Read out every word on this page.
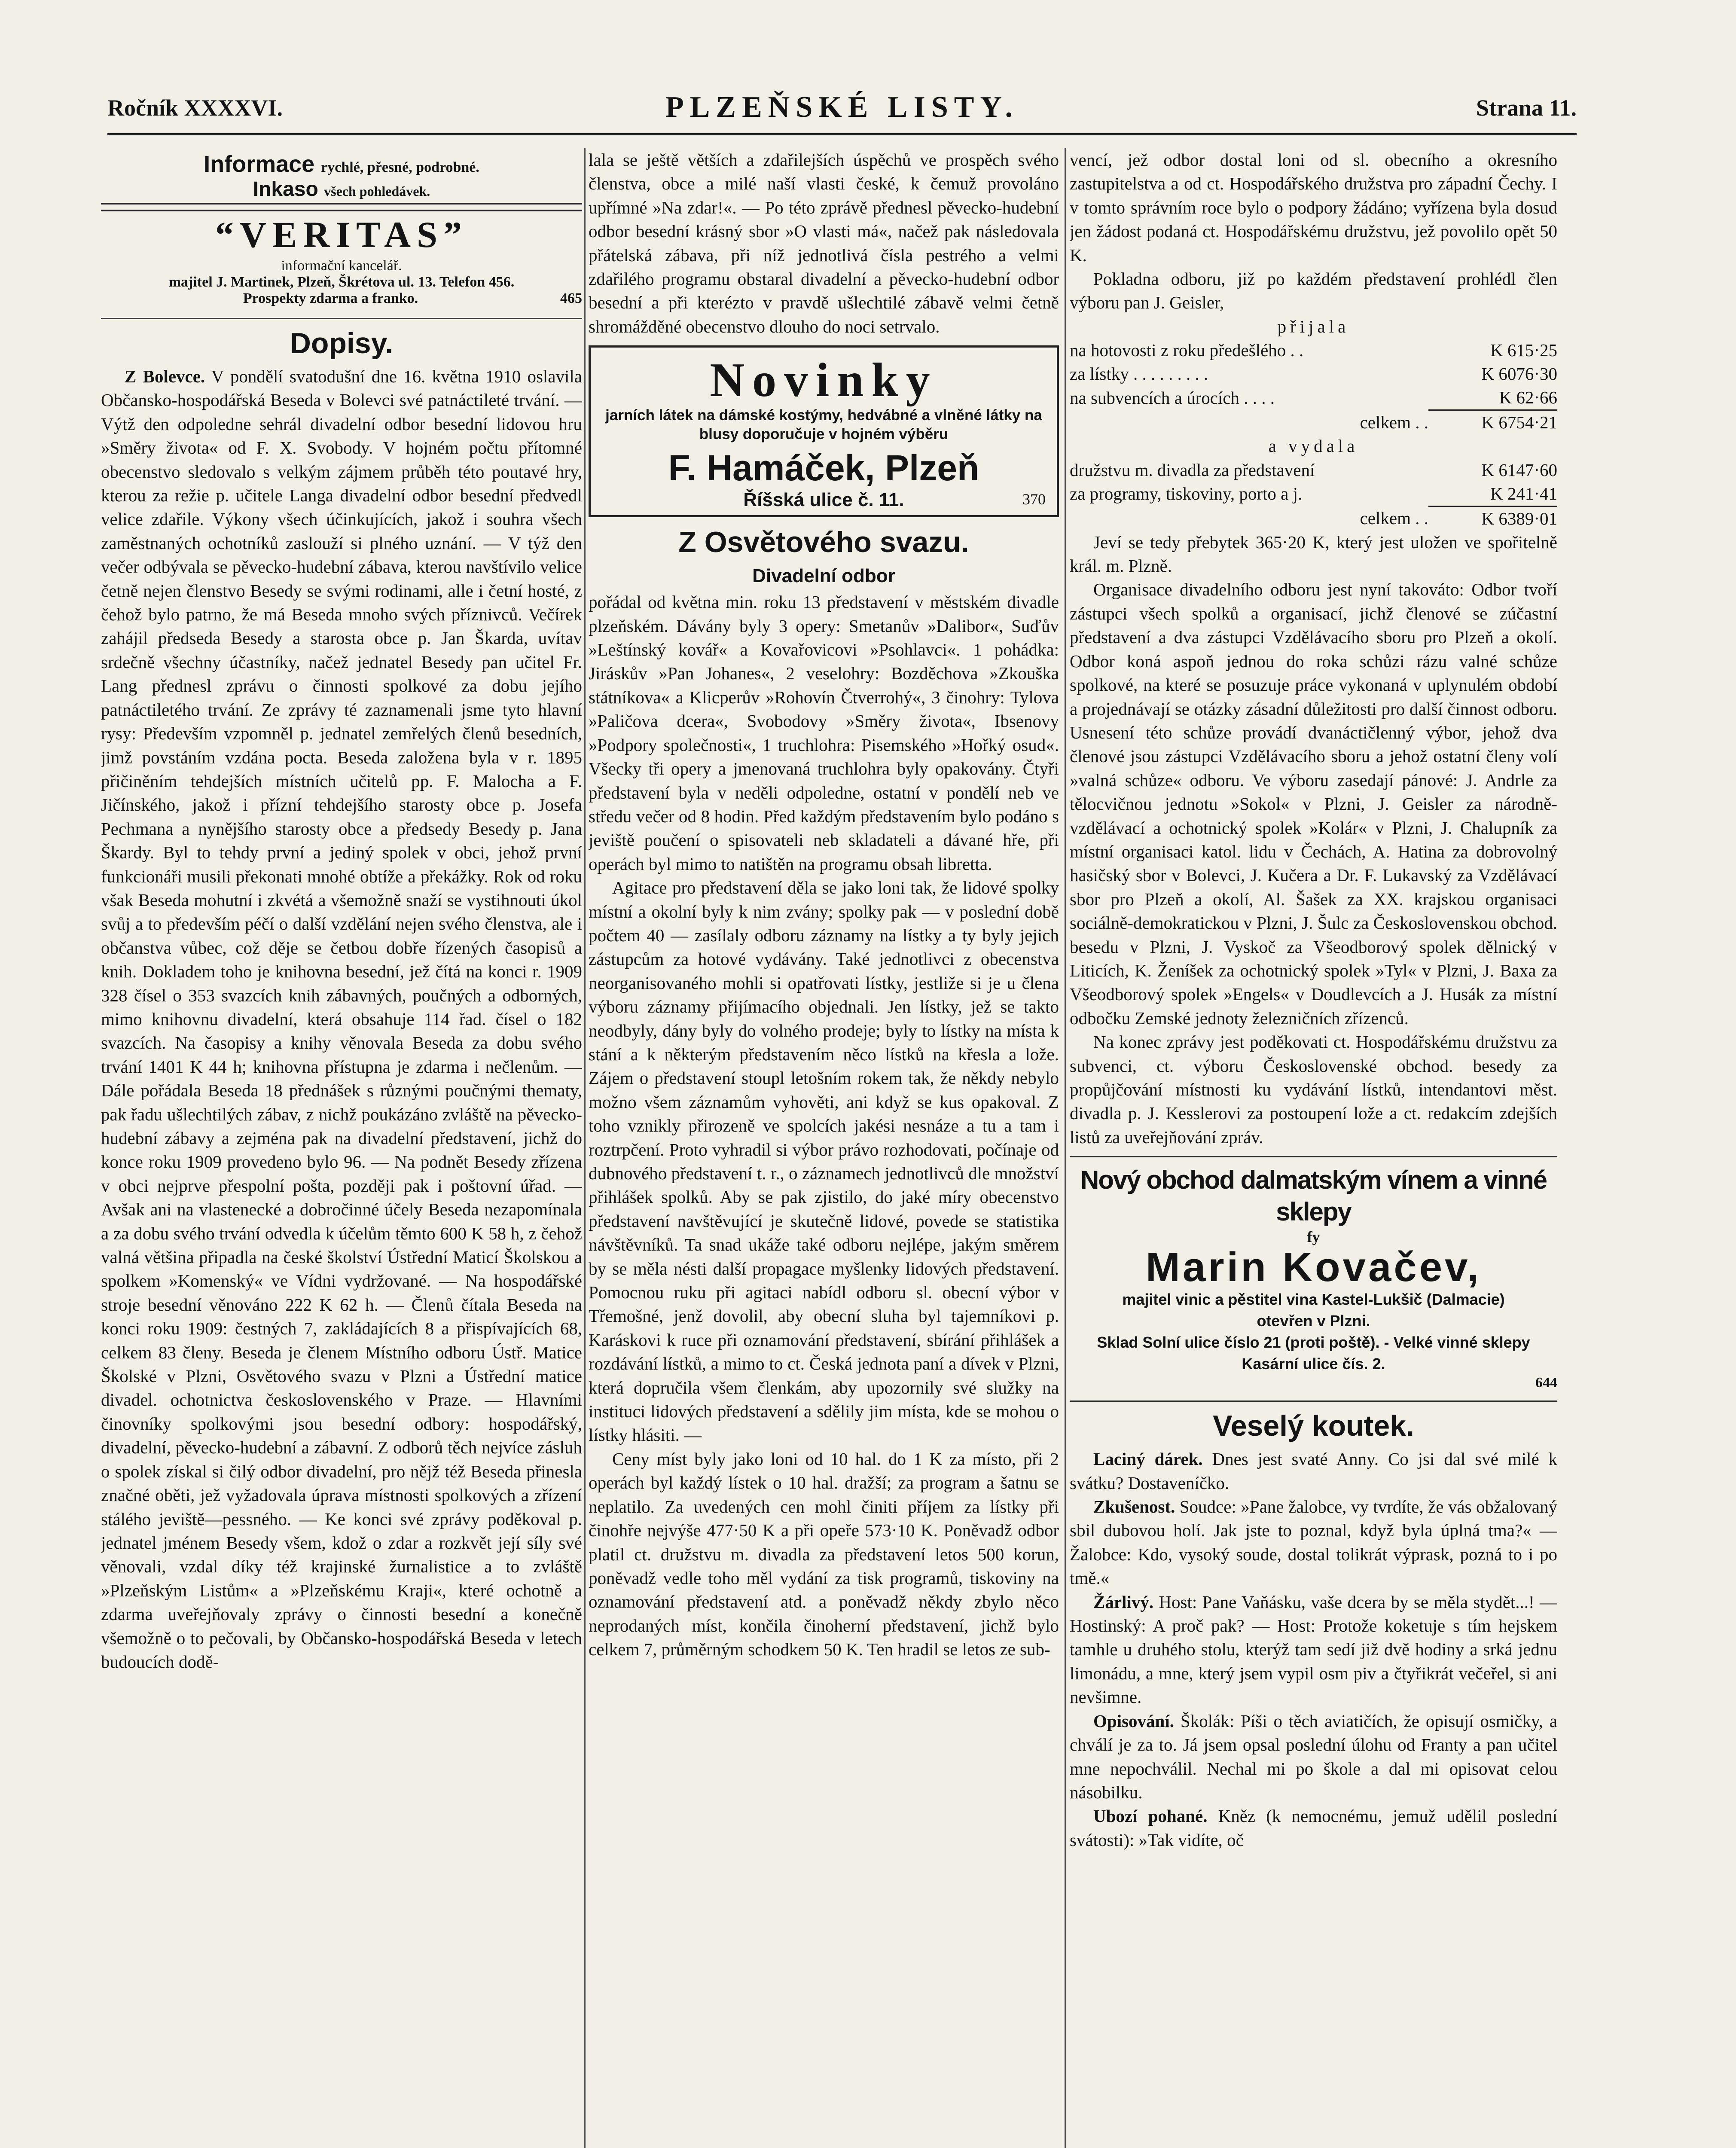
Ročník XXXXVI.	PLZEŇSKÉ LISTY.	Strana 11.
Informace rychlé, přesné, podrobné.
Inkaso všech pohledávek.
“VERITAS”
informační kancelář.
majitel J. Martinek, Plzeň, Škrétova ul. 13. Telefon 456.
Prospekty zdarma a franko.	465
Dopisy.

Z Bolevce. V pondělí svatodušní dne 16. května 1910 oslavila Občansko-hospodářská Beseda v Bolevci své patnáctileté trvání. — Výtž den odpoledne sehrál divadelní odbor besední lidovou hru »Směry života« od F. X. Svobody. V hojném počtu přítomné obecenstvo sledovalo s velkým zájmem průběh této poutavé hry, kterou za režie p. učitele Langa divadelní odbor besední předvedl velice zdařile. Výkony všech účinkujících, jakož i souhra všech zaměstnaných ochotníků zaslouží si plného uznání. — V týž den večer odbývala se pěvecko-hudební zábava, kterou navštívilo velice četně nejen členstvo Besedy se svými rodinami, alle i četní hosté, z čehož bylo patrno, že má Beseda mnoho svých příznivců. Večírek zahájil předseda Besedy a starosta obce p. Jan Škarda, uvítav srdečně všechny účastníky, načež jednatel Besedy pan učitel Fr. Lang přednesl zprávu o činnosti spolkové za dobu jejího patnáctiletého trvání. Ze zprávy té zaznamenali jsme tyto hlavní rysy: Především vzpomněl p. jednatel zemřelých členů besedních, jimž povstáním vzdána pocta. Beseda založena byla v r. 1895 přičiněním tehdejších místních učitelů pp. F. Malocha a F. Jičínského, jakož i přízní tehdejšího starosty obce p. Josefa Pechmana a nynějšího starosty obce a předsedy Besedy p. Jana Škardy. Byl to tehdy první a jediný spolek v obci, jehož první funkcionáři musili překonati mnohé obtíže a překážky. Rok od roku však Beseda mohutní i zkvétá a všemožně snaží se vystihnouti úkol svůj a to především péčí o další vzdělání nejen svého členstva, ale i občanstva vůbec, což děje se četbou dobře řízených časopisů a knih. Dokladem toho je knihovna besední, jež čítá na konci r. 1909 328 čísel o 353 svazcích knih zábavných, poučných a odborných, mimo knihovnu divadelní, která obsahuje 114 řad. čísel o 182 svazcích. Na časopisy a knihy věnovala Beseda za dobu svého trvání 1401 K 44 h; knihovna přístupna je zdarma i nečlenům. — Dále pořádala Beseda 18 přednášek s různými poučnými thematy, pak řadu ušlechtilých zábav, z nichž poukázáno zvláště na pěvecko-hudební zábavy a zejména pak na divadelní představení, jichž do konce roku 1909 provedeno bylo 96. — Na podnět Besedy zřízena v obci nejprve přespolní pošta, později pak i poštovní úřad. — Avšak ani na vlastenecké a dobročinné účely Beseda nezapomínala a za dobu svého trvání odvedla k účelům těmto 600 K 58 h, z čehož valná většina připadla na české školství Ústřední Maticí Školskou a spolkem »Komenský« ve Vídni vydržované. — Na hospodářské stroje besední věnováno 222 K 62 h. — Členů čítala Beseda na konci roku 1909: čestných 7, zakládajících 8 a přispívajících 68, celkem 83 členy. Beseda je členem Místního odboru Ústř. Matice Školské v Plzni, Osvětového svazu v Plzni a Ústřední matice divadel. ochotnictva československého v Praze. — Hlavními činovníky spolkovými jsou besední odbory: hospodářský, divadelní, pěvecko-hudební a zábavní. Z odborů těch nejvíce zásluh o spolek získal si čilý odbor divadelní, pro nějž též Beseda přinesla značné oběti, jež vyžadovala úprava místnosti spolkových a zřízení stálého jeviště—pessného. — Ke konci své zprávy poděkoval p. jednatel jménem Besedy všem, kdož o zdar a rozkvět její síly své věnovali, vzdal díky též krajinské žurnalistice a to zvláště »Plzeňským Listům« a »Plzeňskému Kraji«, které ochotně a zdarma uveřejňovaly zprávy o činnosti besední a konečně všemožně o to pečovali, by Občansko-hospodářská Beseda v letech budoucích dodě-

lala se ještě větších a zdařilejších úspěchů ve prospěch svého členstva, obce a milé naší vlasti české, k čemuž provoláno upřímné »Na zdar!«. — Po této zprávě přednesl pěvecko-hudební odbor besední krásný sbor »O vlasti má«, načež pak následovala přátelská zábava, při níž jednotlivá čísla pestrého a velmi zdařilého programu obstaral divadelní a pěvecko-hudební odbor besední a při kterézto v pravdě ušlechtilé zábavě velmi četně shromážděné obecenstvo dlouho do noci setrvalo.

Novinky
jarních látek na dámské kostýmy, hedvábné a vlněné látky na blusy doporučuje v hojném výběru
F. Hamáček, Plzeň
Říšská ulice č. 11.	370
Z Osvětového svazu.
Divadelní odbor

pořádal od května min. roku 13 představení v městském divadle plzeňském. Dávány byly 3 opery: Smetanův »Dalibor«, Suďův »Leštínský kovář« a Kovařovicovi »Psohlavci«. 1 pohádka: Jiráskův »Pan Johanes«, 2 veselohry: Bozděchova »Zkouška státníkova« a Klicperův »Rohovín Čtverrohý«, 3 činohry: Tylova »Paličova dcera«, Svobodovy »Směry života«, Ibsenovy »Podpory společnosti«, 1 truchlohra: Pisemského »Hořký osud«. Všecky tři opery a jmenovaná truchlohra byly opakovány. Čtyři představení byla v neděli odpoledne, ostatní v pondělí neb ve středu večer od 8 hodin. Před každým představením bylo podáno s jeviště poučení o spisovateli neb skladateli a dávané hře, při operách byl mimo to natištěn na programu obsah libretta.

Agitace pro představení děla se jako loni tak, že lidové spolky místní a okolní byly k nim zvány; spolky pak — v poslední době počtem 40 — zasílaly odboru záznamy na lístky a ty byly jejich zástupcům za hotové vydávány. Také jednotlivci z obecenstva neorganisovaného mohli si opatřovati lístky, jestliže si je u člena výboru záznamy přijímacího objednali. Jen lístky, jež se takto neodbyly, dány byly do volného prodeje; byly to lístky na místa k stání a k některým představením něco lístků na křesla a lože. Zájem o představení stoupl letošním rokem tak, že někdy nebylo možno všem záznamům vyhověti, ani když se kus opakoval. Z toho vznikly přirozeně ve spolcích jakési nesnáze a tu a tam i roztrpčení. Proto vyhradil si výbor právo rozhodovati, počínaje od dubnového představení t. r., o záznamech jednotlivců dle množství přihlášek spolků. Aby se pak zjistilo, do jaké míry obecenstvo představení navštěvující je skutečně lidové, povede se statistika návštěvníků. Ta snad ukáže také odboru nejlépe, jakým směrem by se měla nésti další propagace myšlenky lidových představení. Pomocnou ruku při agitaci nabídl odboru sl. obecní výbor v Třemošné, jenž dovolil, aby obecní sluha byl tajemníkovi p. Karáskovi k ruce při oznamování představení, sbírání přihlášek a rozdávání lístků, a mimo to ct. Česká jednota paní a dívek v Plzni, která dopručila všem členkám, aby upozornily své služky na instituci lidových představení a sdělily jim místa, kde se mohou o lístky hlásiti. —

Ceny míst byly jako loni od 10 hal. do 1 K za místo, při 2 operách byl každý lístek o 10 hal. dražší; za program a šatnu se neplatilo. Za uvedených cen mohl činiti příjem za lístky při činohře nejvýše 477·50 K a při opeře 573·10 K. Poněvadž odbor platil ct. družstvu m. divadla za představení letos 500 korun, poněvadž vedle toho měl vydání za tisk programů, tiskoviny na oznamování představení atd. a poněvadž někdy zbylo něco neprodaných míst, končila činoherní představení, jichž bylo celkem 7, průměrným schodkem 50 K. Ten hradil se letos ze sub-

vencí, jež odbor dostal loni od sl. obecního a okresního zastupitelstva a od ct. Hospodářského družstva pro západní Čechy. I v tomto správním roce bylo o podpory žádáno; vyřízena byla dosud jen žádost podaná ct. Hospodářskému družstvu, jež povolilo opět 50 K.

Pokladna odboru, již po každém představení prohlédl člen výboru pan J. Geisler,

přijala
na hotovosti z roku předešlého . .	K 615·25
za lístky . . . . . . . . .	K 6076·30
na subvencích a úrocích . . . .	K 62·66
celkem . .	K 6754·21
a vydala
družstvu m. divadla za představení	K 6147·60
za programy, tiskoviny, porto a j.	K 241·41
celkem . .	K 6389·01

Jeví se tedy přebytek 365·20 K, který jest uložen ve spořitelně král. m. Plzně.

Organisace divadelního odboru jest nyní takováto: Odbor tvoří zástupci všech spolků a organisací, jichž členové se zúčastní představení a dva zástupci Vzdělávacího sboru pro Plzeň a okolí. Odbor koná aspoň jednou do roka schůzi rázu valné schůze spolkové, na které se posuzuje práce vykonaná v uplynulém období a projednávají se otázky zásadní důležitosti pro další činnost odboru. Usnesení této schůze provádí dvanáctičlenný výbor, jehož dva členové jsou zástupci Vzdělávacího sboru a jehož ostatní členy volí »valná schůze« odboru. Ve výboru zasedají pánové: J. Andrle za tělocvičnou jednotu »Sokol« v Plzni, J. Geisler za národně-vzdělávací a ochotnický spolek »Kolár« v Plzni, J. Chalupník za místní organisaci katol. lidu v Čechách, A. Hatina za dobrovolný hasičský sbor v Bolevci, J. Kučera a Dr. F. Lukavský za Vzdělávací sbor pro Plzeň a okolí, Al. Šašek za XX. krajskou organisaci sociálně-demokratickou v Plzni, J. Šulc za Československou obchod. besedu v Plzni, J. Vyskoč za Všeodborový spolek dělnický v Liticích, K. Ženíšek za ochotnický spolek »Tyl« v Plzni, J. Baxa za Všeodborový spolek »Engels« v Doudlevcích a J. Husák za místní odbočku Zemské jednoty železničních zřízenců.

Na konec zprávy jest poděkovati ct. Hospodářskému družstvu za subvenci, ct. výboru Československé obchod. besedy za propůjčování místnosti ku vydávání lístků, intendantovi měst. divadla p. J. Kesslerovi za postoupení lože a ct. redakcím zdejších listů za uveřejňování zpráv.

Nový obchod dalmatským vínem a vinné sklepy
fy
Marin Kovačev,
majitel vinic a pěstitel vina Kastel-Lukšič (Dalmacie)
otevřen v Plzni.
Sklad Solní ulice číslo 21 (proti poště). - Velké vinné sklepy Kasární ulice čís. 2.
644
Veselý koutek.

Laciný dárek. Dnes jest svaté Anny. Co jsi dal své milé k svátku? Dostaveníčko.

Zkušenost. Soudce: »Pane žalobce, vy tvrdíte, že vás obžalovaný sbil dubovou holí. Jak jste to poznal, když byla úplná tma?« — Žalobce: Kdo, vysoký soude, dostal tolikrát výprask, pozná to i po tmě.«

Žárlivý. Host: Pane Vaňásku, vaše dcera by se měla stydět...! — Hostinský: A proč pak? — Host: Protože koketuje s tím hejskem tamhle u druhého stolu, kterýž tam sedí již dvě hodiny a srká jednu limonádu, a mne, který jsem vypil osm piv a čtyřikrát večeřel, si ani nevšimne.

Opisování. Školák: Píši o těch aviatičích, že opisují osmičky, a chválí je za to. Já jsem opsal poslední úlohu od Franty a pan učitel mne nepochválil. Nechal mi po škole a dal mi opisovat celou násobilku.

Ubozí pohané. Kněz (k nemocnému, jemuž udělil poslední svátosti): »Tak vidíte, oč
